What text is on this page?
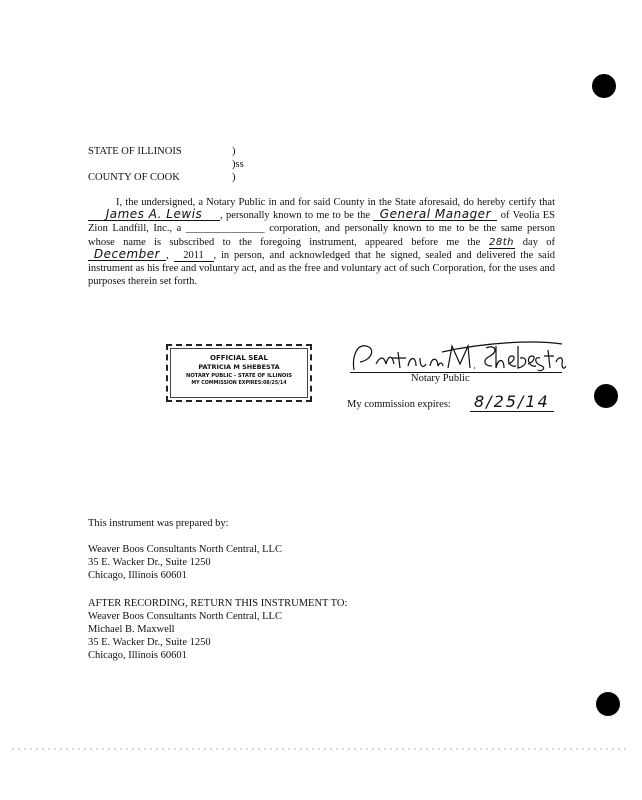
STATE OF ILLINOIS	)
)ss
COUNTY OF COOK	)
I, the undersigned, a Notary Public in and for said County in the State aforesaid, do hereby certify that James A. Lewis , personally known to me to be the General Manager of Veolia ES Zion Landfill, Inc., a _______________ corporation, and personally known to me to be the same person whose name is subscribed to the foregoing instrument, appeared before me the 28th day of December , 2011 , in person, and acknowledged that he signed, sealed and delivered the said instrument as his free and voluntary act, and as the free and voluntary act of such Corporation, for the uses and purposes therein set forth.
OFFICIAL SEAL
PATRICIA M SHEBESTA
NOTARY PUBLIC - STATE OF ILLINOIS
MY COMMISSION EXPIRES:08/25/14	Notary Public
My commission expires: 8/25/14
This instrument was prepared by:
Weaver Boos Consultants North Central, LLC
35 E. Wacker Dr., Suite 1250
Chicago, Illinois 60601
AFTER RECORDING, RETURN THIS INSTRUMENT TO:
Weaver Boos Consultants North Central, LLC
Michael B. Maxwell
35 E. Wacker Dr., Suite 1250
Chicago, Illinois 60601
